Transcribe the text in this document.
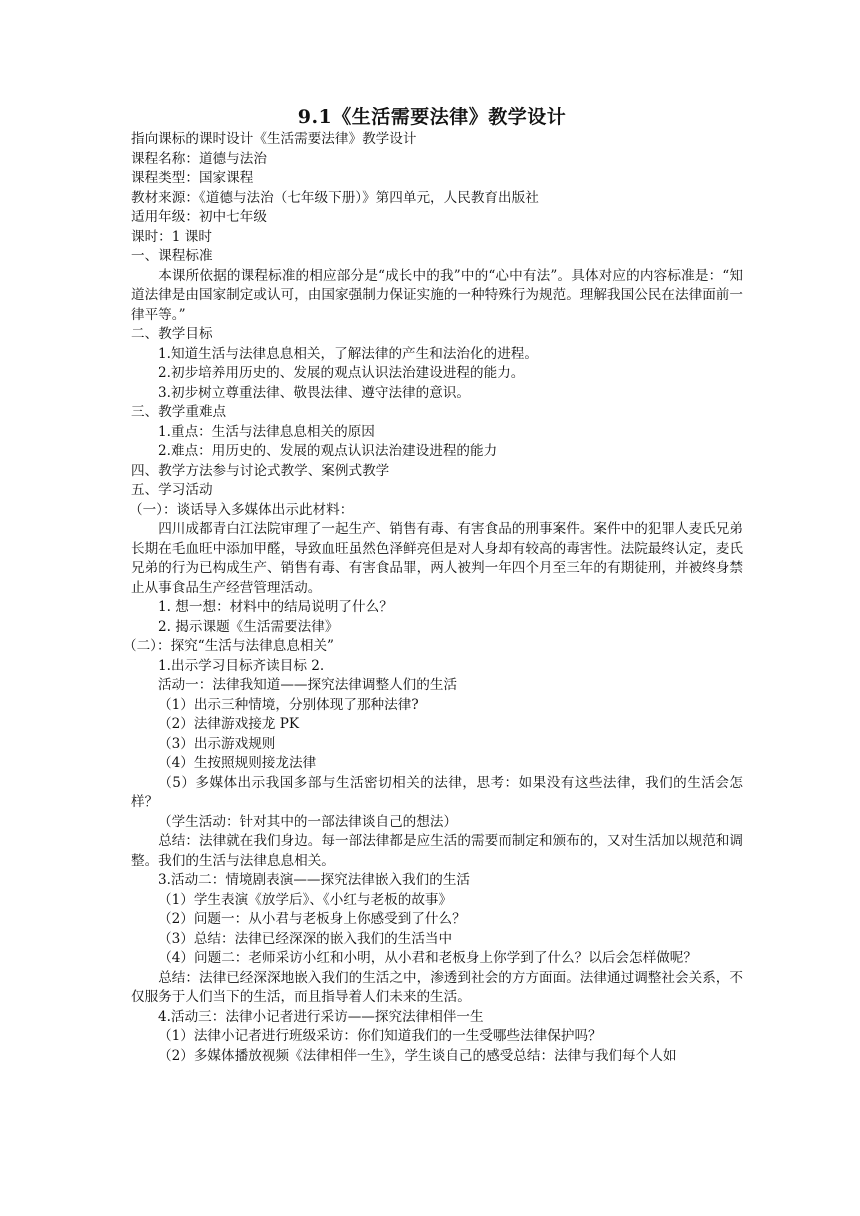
9.1《生活需要法律》教学设计
指向课标的课时设计《生活需要法律》教学设计
课程名称：道德与法治
课程类型：国家课程
教材来源：《道德与法治（七年级下册）》第四单元，人民教育出版社
适用年级：初中七年级
课时：1 课时
一、课程标准

本课所依据的课程标准的相应部分是“成长中的我”中的“心中有法”。具体对应的内容标准是：“知道法律是由国家制定或认可，由国家强制力保证实施的一种特殊行为规范。理解我国公民在法律面前一律平等。”

二、教学目标
1.知道生活与法律息息相关，了解法律的产生和法治化的进程。
2.初步培养用历史的、发展的观点认识法治建设进程的能力。
3.初步树立尊重法律、敬畏法律、遵守法律的意识。
三、教学重难点
1.重点：生活与法律息息相关的原因
2.难点：用历史的、发展的观点认识法治建设进程的能力
四、教学方法参与讨论式教学、案例式教学
五、学习活动
（一）：谈话导入多媒体出示此材料：

四川成都青白江法院审理了一起生产、销售有毒、有害食品的刑事案件。案件中的犯罪人麦氏兄弟长期在毛血旺中添加甲醛，导致血旺虽然色泽鲜亮但是对人身却有较高的毒害性。法院最终认定，麦氏兄弟的行为已构成生产、销售有毒、有害食品罪，两人被判一年四个月至三年的有期徒刑，并被终身禁止从事食品生产经营管理活动。

1. 想一想：材料中的结局说明了什么？
2. 揭示课题《生活需要法律》
（二）：探究“生活与法律息息相关”
1.出示学习目标齐读目标 2.
活动一：法律我知道——探究法律调整人们的生活
（1）出示三种情境，分别体现了那种法律?
（2）法律游戏接龙 PK
（3）出示游戏规则
（4）生按照规则接龙法律

（5）多媒体出示我国多部与生活密切相关的法律，思考：如果没有这些法律，我们的生活会怎样？

（学生活动：针对其中的一部法律谈自己的想法）

总结：法律就在我们身边。每一部法律都是应生活的需要而制定和颁布的，又对生活加以规范和调整。我们的生活与法律息息相关。

3.活动二：情境剧表演——探究法律嵌入我们的生活
（1）学生表演《放学后》、《小红与老板的故事》
（2）问题一：从小君与老板身上你感受到了什么？
（3）总结：法律已经深深的嵌入我们的生活当中

（4）问题二：老师采访小红和小明，从小君和老板身上你学到了什么？以后会怎样做呢？

总结：法律已经深深地嵌入我们的生活之中，渗透到社会的方方面面。法律通过调整社会关系，不仅服务于人们当下的生活，而且指导着人们未来的生活。

4.活动三：法律小记者进行采访——探究法律相伴一生
（1）法律小记者进行班级采访：你们知道我们的一生受哪些法律保护吗？
（2）多媒体播放视频《法律相伴一生》，学生谈自己的感受总结：法律与我们每个人如
